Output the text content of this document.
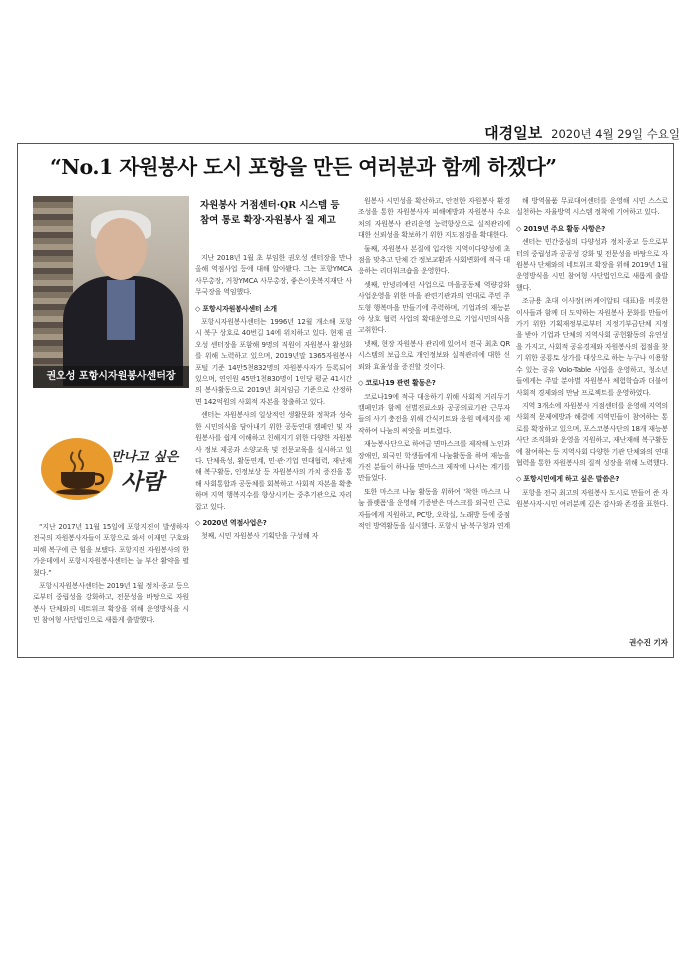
대경일보 2020년 4월 29일 수요일
“No.1 자원봉사 도시 포항을 만든 여러분과 함께 하겠다”
권오성 포항시자원봉사센터장
만나고 싶은
사람
자원봉사 거점센터·QR 시스템 등
참여 통로 확장·자원봉사 질 제고

“지난 2017년 11월 15일에 포항지진이 발생하자 전국의 자원봉사자들이 포항으로 와서 이재민 구호와 피해 복구에 큰 힘을 보탰다. 포항지진 자원봉사의 한 가운데에서 포항시자원봉사센터는 늘 부산 활약을 펼쳤다.”

포항시자원봉사센터는 2019년 1월 정치·종교 등으로부터 중립성을 강화하고, 전문성을 바탕으로 자원봉사 단체와의 네트워크 확장을 위해 운영방식을 시민 참여형 사단법인으로 새롭게 출발했다.

지난 2018년 1월 초 부임한 권오성 센터장을 만나 올해 역점사업 등에 대해 알아봤다. 그는 포항YMCA 사무총장, 거창YMCA 사무총장, 좋은이웃복지재단 사무국장을 역임했다.

◇ 포항시자원봉사센터 소개

포항시자원봉사센터는 1996년 12월 개소해 포항시 북구 상호로 40번길 14에 위치하고 있다. 현재 권오성 센터장을 포함해 9명의 직원이 자원봉사 활성화를 위해 노력하고 있으며, 2019년말 1365자원봉사포털 기준 14만5천832명의 자원봉사자가 등록되어 있으며, 연인원 45만1천830명이 1인당 평균 41시간의 봉사활동으로 2019년 최저임금 기준으로 산정하면 142억원의 사회적 자본을 창출하고 있다.

센터는 자원봉사의 일상적인 생활문화 정착과 성숙한 시민의식을 담아내기 위한 공동연대 캠페인 및 자원봉사를 쉽게 이해하고 친해지기 위한 다양한 자원봉사 정보 제공과 소양교육 및 전문교육을 실시하고 있다. 단체육성, 활동연계, 민·관·기업 연대협력, 재난재해 복구활동, 인정보상 등 자원봉사의 가치 증진을 통해 사회통합과 공동체를 회복하고 사회적 자본을 확충하며 지역 행복지수를 향상시키는 중추기관으로 자리 잡고 있다.

◇ 2020년 역점사업은?

첫째, 시민 자원봉사 기획단을 구성해 자

원봉사 시민성을 확산하고, 안전한 자원봉사 환경 조성을 통한 자원봉사자 피해예방과 자원봉사 수요처의 자원봉사 관리운영 능력향상으로 실적관리에 대한 신뢰성을 확보하기 위한 지도점검을 확대한다.

둘째, 자원봉사 본질에 입각한 지역이다양성에 초점을 맞추고 단체 간 정보교환과 사회변화에 적극 대응하는 리더워크숍을 운영한다.

셋째, 안녕리예션 사업으로 마을공동체 역량강화 사업운영을 위한 마을 관련기관과의 연대로 주민 주도형 행복마을 만들기에 주력하며, 기업과의 재능분야 상호 협력 사업의 확대운영으로 기업시민의식을 고취한다.

넷째, 현장 자원봉사 관리에 있어서 전국 최초 QR시스템의 보급으로 개인정보와 실적관리에 대한 신뢰와 효율성을 증진할 것이다.

◇ 코로나19 관련 활동은?

코로나19에 적극 대응하기 위해 사회적 거리두기 캠페인과 함께 선별진료소와 공공의료기관 근무자들의 사기 충전을 위해 간식키트와 응원 메세지를 제작하여 나눔의 씨앗을 퍼트렸다.

재능봉사단으로 하여금 면마스크를 제작해 노인과 장애인, 외국인 학생들에게 나눔활동을 하며 재능을 가진 분들이 하나둘 면마스크 제작에 나서는 계기를 만들었다.

또한 마스크 나눔 활동을 위하여 '착한 마스크 나눔 플랫폼'을 운영해 기증받은 마스크를 외국인 근로자들에게 지원하고, PC방, 오락실, 노래방 등에 중점적인 방역활동을 실시했다. 포항시 남·북구청과 연계

해 방역물품 무료대여센터를 운영해 시민 스스로 실천하는 자율방역 시스템 정착에 기여하고 있다.

◇ 2019년 주요 활동 사항은?

센터는 민간중심의 다양성과 정치·종교 등으로부터의 중립성과 공공성 강화 및 전문성을 바탕으로 자원봉사 단체와의 네트워크 확장을 위해 2019년 1월 운영방식을 시민 참여형 사단법인으로 새롭게 출발했다.

조규용 초대 이사장(㈜케이알티 대표)을 비롯한 이사들과 함께 더 도약하는 자원봉사 문화를 만들어 가기 위한 기획재정부로부터 지정기부금단체 지정을 받아 기업과 단체의 지역사회 공헌활동의 유연성을 가지고, 사회적 공유경제와 자원봉사의 접점을 찾기 위한 공룡토 상가를 대상으로 하는 누구나 이용할 수 있는 공유 Volo-Table 사업을 운영하고, 청소년들에게는 주말 분야별 자원봉사 체험학습과 더불어 사회적 경제와의 만남 프로젝트를 운영하였다.

지역 3개소에 자원봉사 거점센터를 운영해 지역의 사회적 문제예방과 해결에 지역민들이 참여하는 통로를 확장하고 있으며, 포스코봉사단의 18개 재능봉사단 조직화와 운영을 지원하고, 재난재해 복구활동에 참여하는 등 지역사회 다양한 기관 단체와의 연대 협력을 통한 자원봉사의 질적 성장을 위해 노력했다.

◇ 포항시민에게 하고 싶은 말씀은?

포항을 전국 최고의 자원봉사 도시로 만들어 준 자원봉사자·시민 여러분께 깊은 감사와 존경을 표한다.

권수진 기자
